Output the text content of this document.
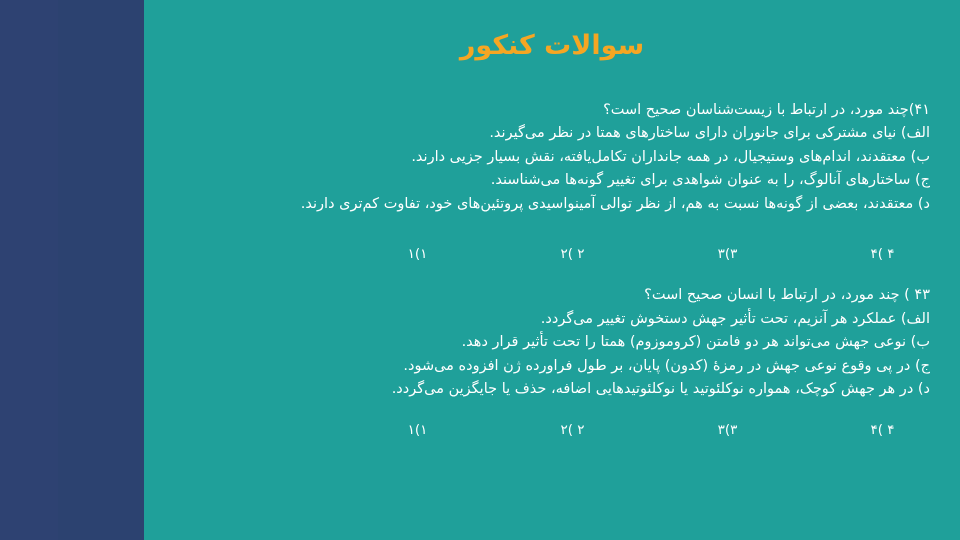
سوالات کنکور
۴۱)چند مورد، در ارتباط با زیست‌شناسان صحیح است؟
الف) نیای مشترکی برای جانوران دارای ساختارهای همتا در نظر می‌گیرند.
ب) معتقدند، اندام‌های وستیجیال، در همه جانداران تکامل‌یافته، نقش بسیار جزیی دارند.
ج) ساختارهای آنالوگ، را به عنوان شواهدی برای تغییر گونه‌ها می‌شناسند.
د) معتقدند، بعضی از گونه‌ها نسبت به هم، از نظر توالی آمینواسیدی پروتئین‌های خود، تفاوت کم‌تری دارند.
۴ )۴
۳)۳
۲ )۲
۱)۱
۴۳ ) چند مورد، در ارتباط با انسان صحیح است؟
الف) عملکرد هر آنزیم، تحت تأثیر جهش دستخوش تغییر می‌گردد.
ب) نوعی جهش می‌تواند هر دو فامتن (کروموزوم) همتا را تحت تأثیر قرار دهد.
ج) در پی وقوع نوعی جهش در رمزهٔ (کدون) پایان، بر طول فراورده ژن افزوده می‌شود.
د) در هر جهش کوچک، همواره نوکلئوتید یا نوکلئوتیدهایی اضافه، حذف یا جایگزین می‌گردد.
۴ )۴
۳)۳
۲ )۲
۱)۱
